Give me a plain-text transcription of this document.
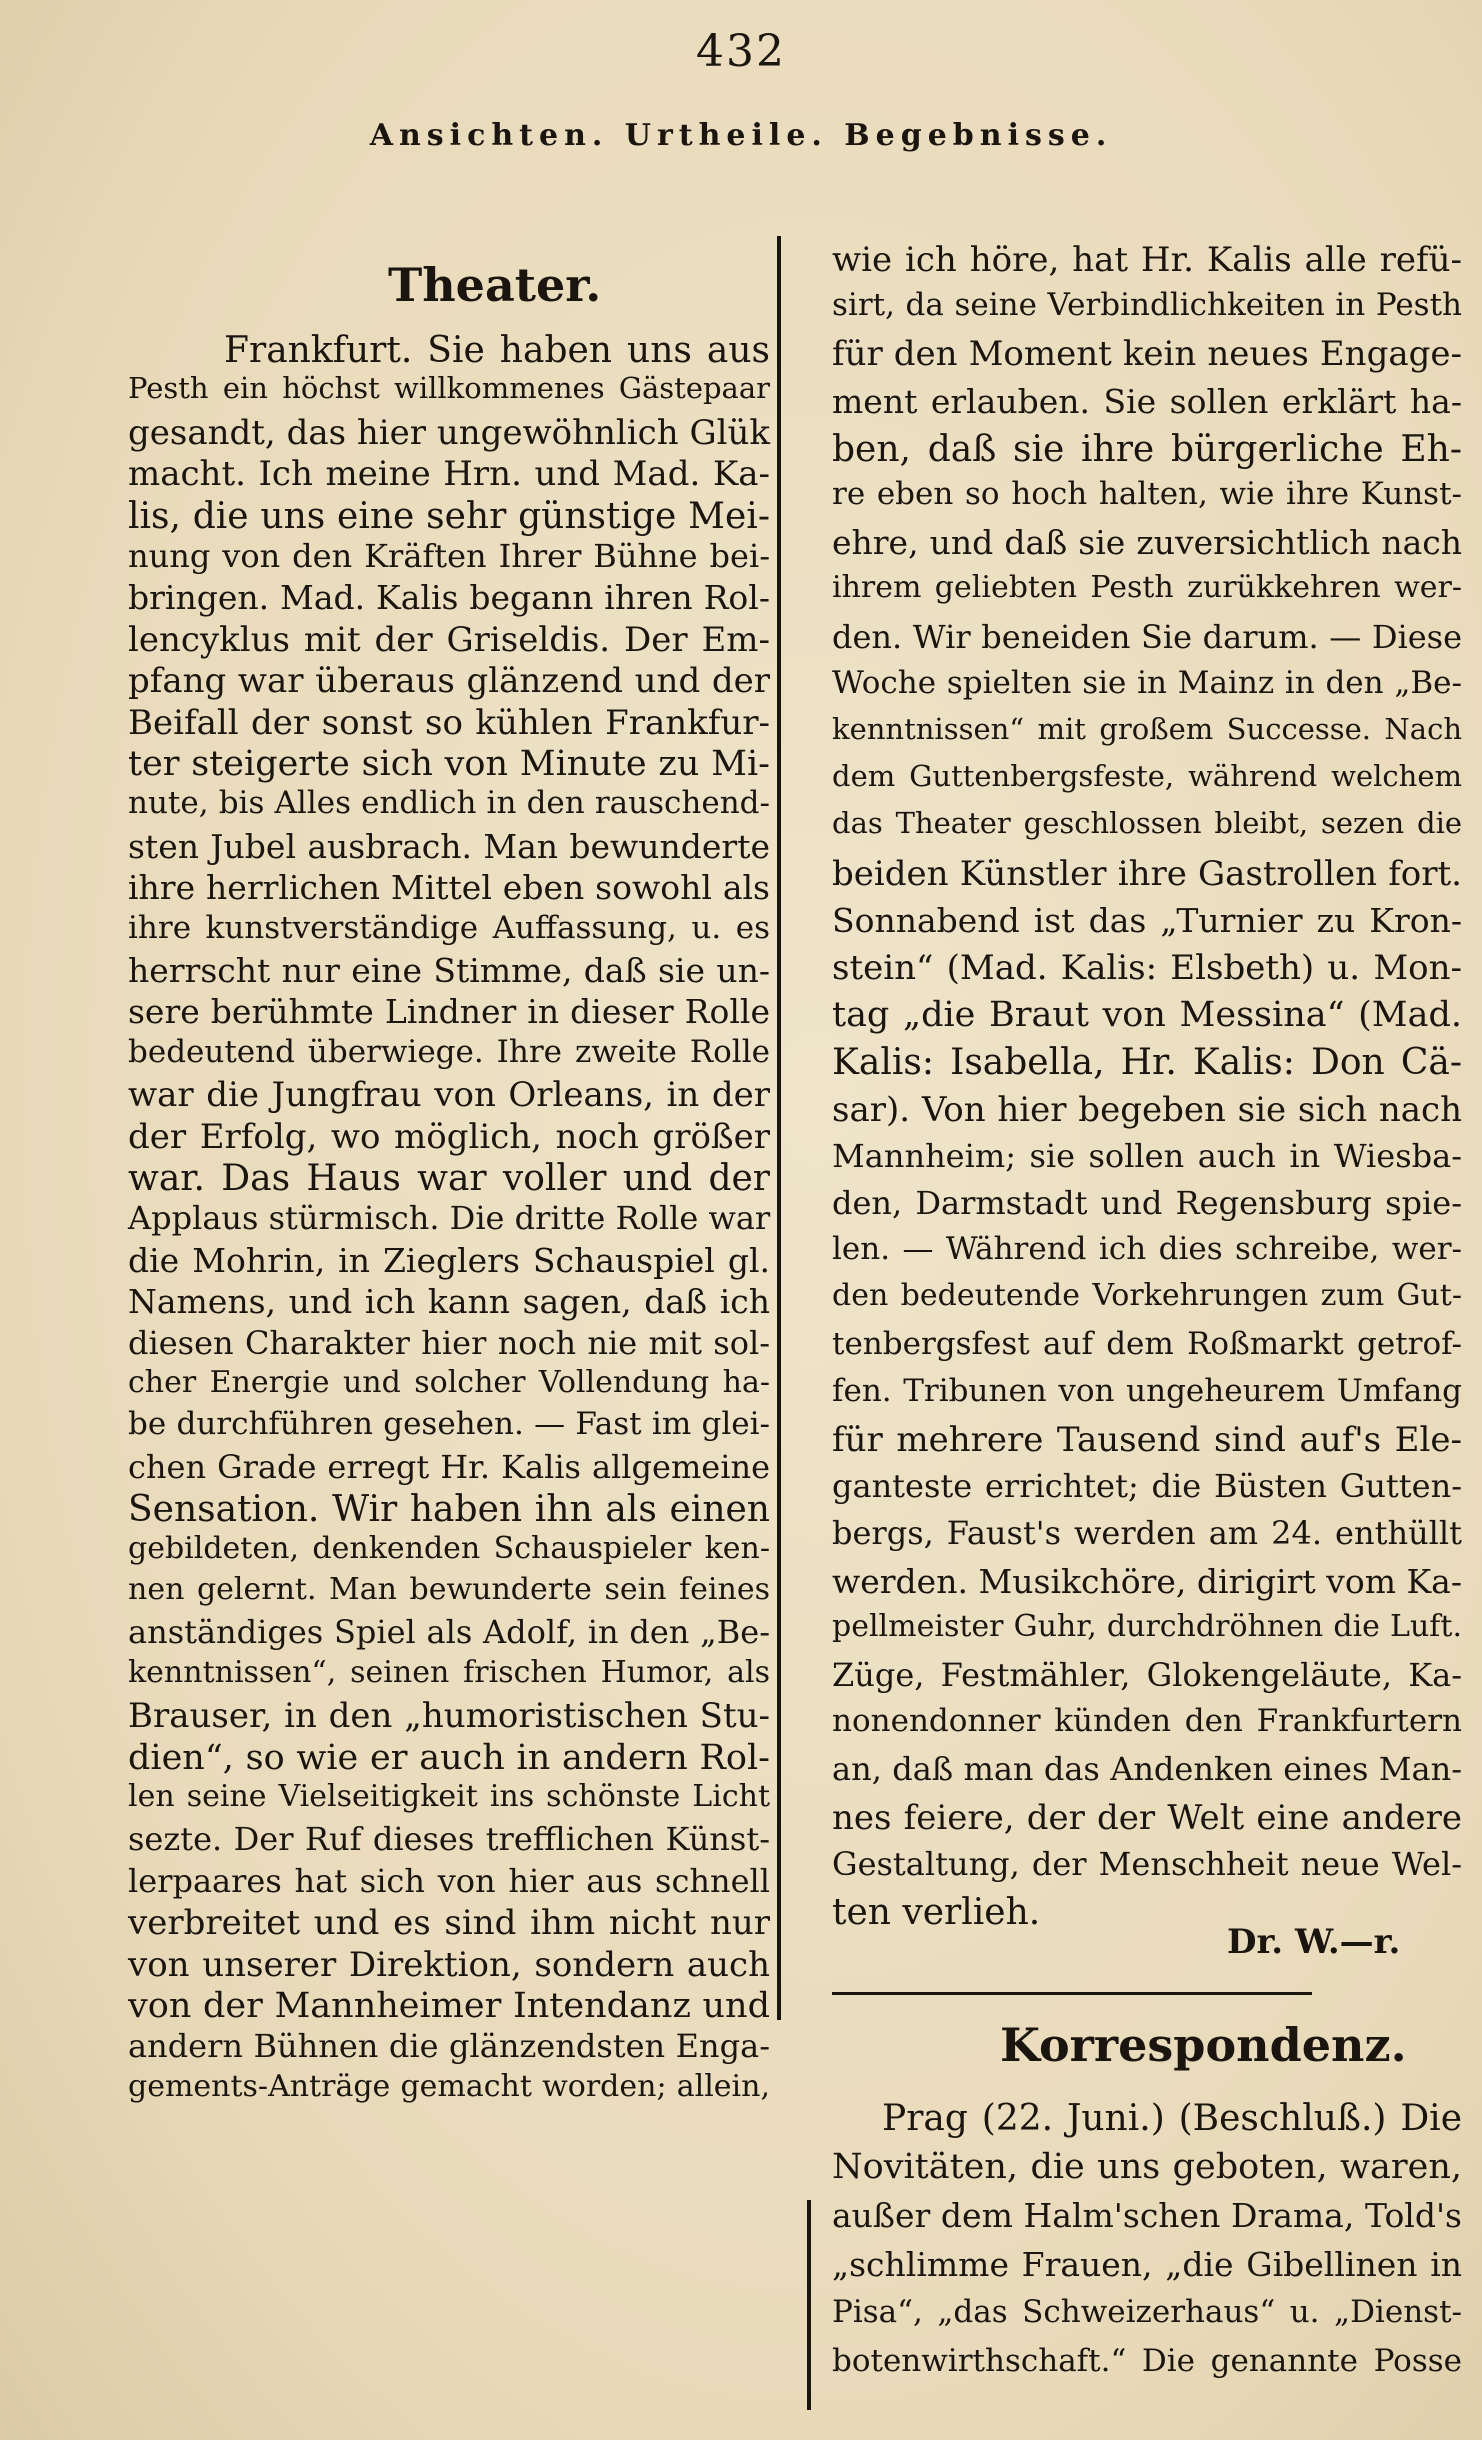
432
Ansichten. Urtheile. Begebnisse.
Theater.
Frankfurt. Sie haben uns aus
Pesth ein höchst willkommenes Gästepaar
gesandt, das hier ungewöhnlich Glük
macht. Ich meine Hrn. und Mad. Ka-
lis, die uns eine sehr günstige Mei-
nung von den Kräften Ihrer Bühne bei-
bringen. Mad. Kalis begann ihren Rol-
lencyklus mit der Griseldis. Der Em-
pfang war überaus glänzend und der
Beifall der sonst so kühlen Frankfur-
ter steigerte sich von Minute zu Mi-
nute, bis Alles endlich in den rauschend-
sten Jubel ausbrach. Man bewunderte
ihre herrlichen Mittel eben sowohl als
ihre kunstverständige Auffassung, u. es
herrscht nur eine Stimme, daß sie un-
sere berühmte Lindner in dieser Rolle
bedeutend überwiege. Ihre zweite Rolle
war die Jungfrau von Orleans, in der
der Erfolg, wo möglich, noch größer
war. Das Haus war voller und der
Applaus stürmisch. Die dritte Rolle war
die Mohrin, in Zieglers Schauspiel gl.
Namens, und ich kann sagen, daß ich
diesen Charakter hier noch nie mit sol-
cher Energie und solcher Vollendung ha-
be durchführen gesehen. — Fast im glei-
chen Grade erregt Hr. Kalis allgemeine
Sensation. Wir haben ihn als einen
gebildeten, denkenden Schauspieler ken-
nen gelernt. Man bewunderte sein feines
anständiges Spiel als Adolf, in den „Be-
kenntnissen“, seinen frischen Humor, als
Brauser, in den „humoristischen Stu-
dien“, so wie er auch in andern Rol-
len seine Vielseitigkeit ins schönste Licht
sezte. Der Ruf dieses trefflichen Künst-
lerpaares hat sich von hier aus schnell
verbreitet und es sind ihm nicht nur
von unserer Direktion, sondern auch
von der Mannheimer Intendanz und
andern Bühnen die glänzendsten Enga-
gements-Anträge gemacht worden; allein,
wie ich höre, hat Hr. Kalis alle refü-
sirt, da seine Verbindlichkeiten in Pesth
für den Moment kein neues Engage-
ment erlauben. Sie sollen erklärt ha-
ben, daß sie ihre bürgerliche Eh-
re eben so hoch halten, wie ihre Kunst-
ehre, und daß sie zuversichtlich nach
ihrem geliebten Pesth zurükkehren wer-
den. Wir beneiden Sie darum. — Diese
Woche spielten sie in Mainz in den „Be-
kenntnissen“ mit großem Successe. Nach
dem Guttenbergsfeste, während welchem
das Theater geschlossen bleibt, sezen die
beiden Künstler ihre Gastrollen fort.
Sonnabend ist das „Turnier zu Kron-
stein“ (Mad. Kalis: Elsbeth) u. Mon-
tag „die Braut von Messina“ (Mad.
Kalis: Isabella, Hr. Kalis: Don Cä-
sar). Von hier begeben sie sich nach
Mannheim; sie sollen auch in Wiesba-
den, Darmstadt und Regensburg spie-
len. — Während ich dies schreibe, wer-
den bedeutende Vorkehrungen zum Gut-
tenbergsfest auf dem Roßmarkt getrof-
fen. Tribunen von ungeheurem Umfang
für mehrere Tausend sind auf's Ele-
ganteste errichtet; die Büsten Gutten-
bergs, Faust's werden am 24. enthüllt
werden. Musikchöre, dirigirt vom Ka-
pellmeister Guhr, durchdröhnen die Luft.
Züge, Festmähler, Glokengeläute, Ka-
nonendonner künden den Frankfurtern
an, daß man das Andenken eines Man-
nes feiere, der der Welt eine andere
Gestaltung, der Menschheit neue Wel-
ten verlieh.
Dr. W.—r.
Korrespondenz.
Prag (22. Juni.) (Beschluß.) Die
Novitäten, die uns geboten, waren,
außer dem Halm'schen Drama, Told's
„schlimme Frauen, „die Gibellinen in
Pisa“, „das Schweizerhaus“ u. „Dienst-
botenwirthschaft.“ Die genannte Posse
